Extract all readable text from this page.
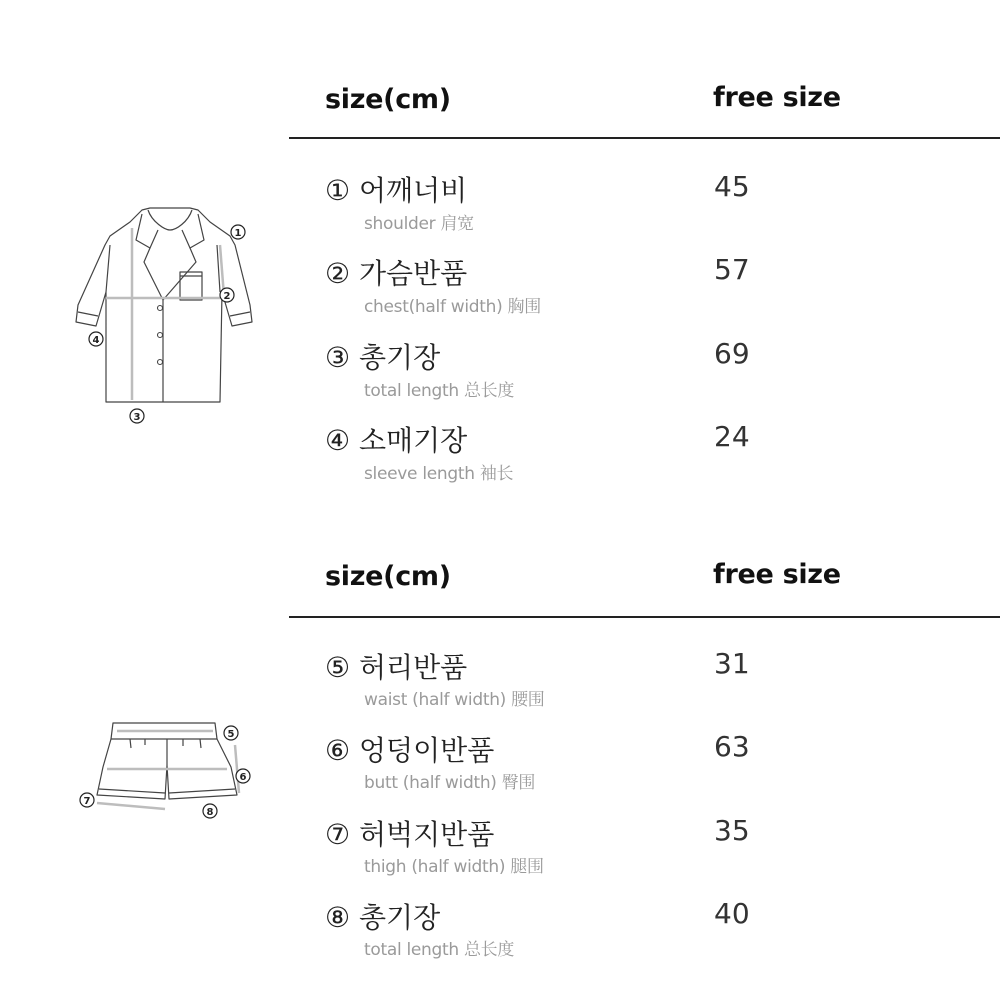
size(cm)	free size
① 어깨너비
shoulder 肩宽
45
② 가슴반품
chest(half width) 胸围
57
③ 총기장
total length 总长度
69
④ 소매기장
sleeve length 袖长
24
size(cm)	free size
⑤ 허리반품
waist (half width) 腰围
31
⑥ 엉덩이반품
butt (half width) 臀围
63
⑦ 허벅지반품
thigh (half width) 腿围
35
⑧ 총기장
total length 总长度
40
1
2
3
4
5
6
7
8
